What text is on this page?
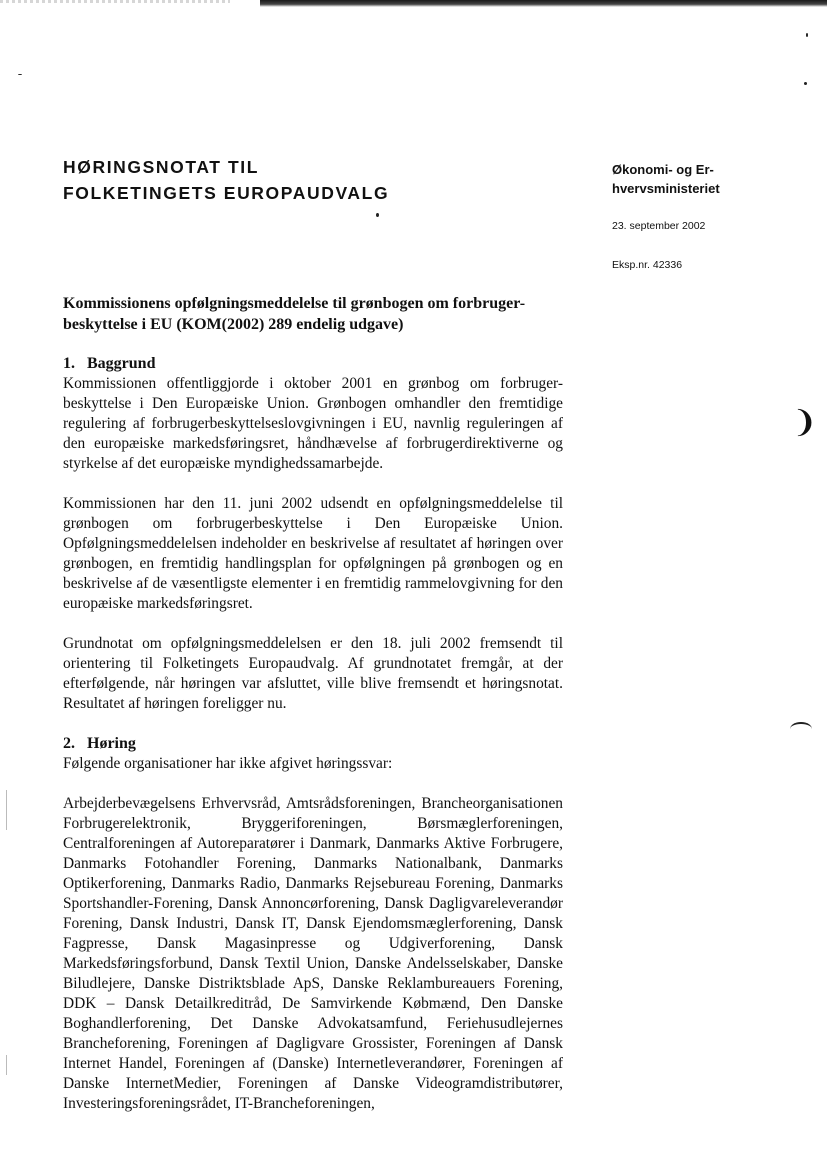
❩
HØRINGSNOTAT TIL
FOLKETINGETS EUROPAUDVALG
Økonomi- og Er-
hvervsministeriet
23. september 2002
Eksp.nr. 42336

Kommissionens opfølgningsmeddelelse til grønbogen om forbruger-beskyttelse i EU (KOM(2002) 289 endelig udgave)

1. Baggrund

Kommissionen offentliggjorde i oktober 2001 en grønbog om forbruger-beskyttelse i Den Europæiske Union. Grønbogen omhandler den fremtidige regulering af forbrugerbeskyttelseslovgivningen i EU, navnlig reguleringen af den europæiske markedsføringsret, håndhævelse af forbrugerdirektiverne og styrkelse af det europæiske myndighedssamarbejde.

Kommissionen har den 11. juni 2002 udsendt en opfølgningsmeddelelse til grønbogen om forbrugerbeskyttelse i Den Europæiske Union. Opfølgningsmeddelelsen indeholder en beskrivelse af resultatet af høringen over grønbogen, en fremtidig handlingsplan for opfølgningen på grønbogen og en beskrivelse af de væsentligste elementer i en fremtidig rammelovgivning for den europæiske markedsføringsret.

Grundnotat om opfølgningsmeddelelsen er den 18. juli 2002 fremsendt til orientering til Folketingets Europaudvalg. Af grundnotatet fremgår, at der efterfølgende, når høringen var afsluttet, ville blive fremsendt et høringsnotat. Resultatet af høringen foreligger nu.

2. Høring

Følgende organisationer har ikke afgivet høringssvar:

Arbejderbevægelsens Erhvervsråd, Amtsrådsforeningen, Brancheorganisationen Forbrugerelektronik, Bryggeriforeningen, Børsmæglerforeningen, Centralforeningen af Autoreparatører i Danmark, Danmarks Aktive Forbrugere, Danmarks Fotohandler Forening, Danmarks Nationalbank, Danmarks Optikerforening, Danmarks Radio, Danmarks Rejsebureau Forening, Danmarks Sportshandler-Forening, Dansk Annoncørforening, Dansk Dagligvareleverandør Forening, Dansk Industri, Dansk IT, Dansk Ejendomsmæglerforening, Dansk Fagpresse, Dansk Magasinpresse og Udgiverforening, Dansk Markedsføringsforbund, Dansk Textil Union, Danske Andelsselskaber, Danske Biludlejere, Danske Distriktsblade ApS, Danske Reklambureauers Forening, DDK – Dansk Detailkreditråd, De Samvirkende Købmænd, Den Danske Boghandlerforening, Det Danske Advokatsamfund, Feriehusudlejernes Brancheforening, Foreningen af Dagligvare Grossister, Foreningen af Dansk Internet Handel, Foreningen af (Danske) Internetleverandører, Foreningen af Danske InternetMedier, Foreningen af Danske Videogramdistributører, Investeringsforeningsrådet, IT-Brancheforeningen,
